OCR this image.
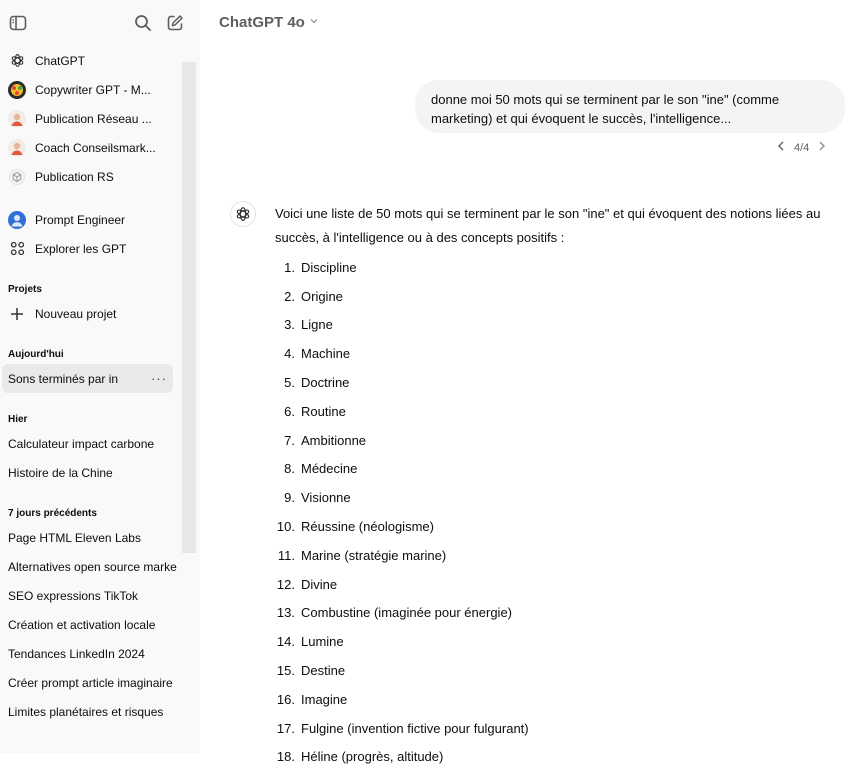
ChatGPT
Copywriter GPT - M...
Publication Réseau ...
Coach Conseilsmark...
Publication RS
Prompt Engineer
Explorer les GPT
Projets
Nouveau projet
Aujourd'hui
Sons terminés par in	···
Hier
Calculateur impact carbone
Histoire de la Chine
7 jours précédents
Page HTML Eleven Labs
Alternatives open source marke
SEO expressions TikTok
Création et activation locale
Tendances LinkedIn 2024
Créer prompt article imaginaire
Limites planétaires et risques
ChatGPT 4o
donne moi 50 mots qui se terminent par le son "ine" (comme marketing) et qui évoquent le succès, l'intelligence...
4/4
Voici une liste de 50 mots qui se terminent par le son "ine" et qui évoquent des notions liées au succès, à l'intelligence ou à des concepts positifs :
1. Discipline
2. Origine
3. Ligne
4. Machine
5. Doctrine
6. Routine
7. Ambitionne
8. Médecine
9. Visionne
10. Réussine (néologisme)
11. Marine (stratégie marine)
12. Divine
13. Combustine (imaginée pour énergie)
14. Lumine
15. Destine
16. Imagine
17. Fulgine (invention fictive pour fulgurant)
18. Héline (progrès, altitude)
